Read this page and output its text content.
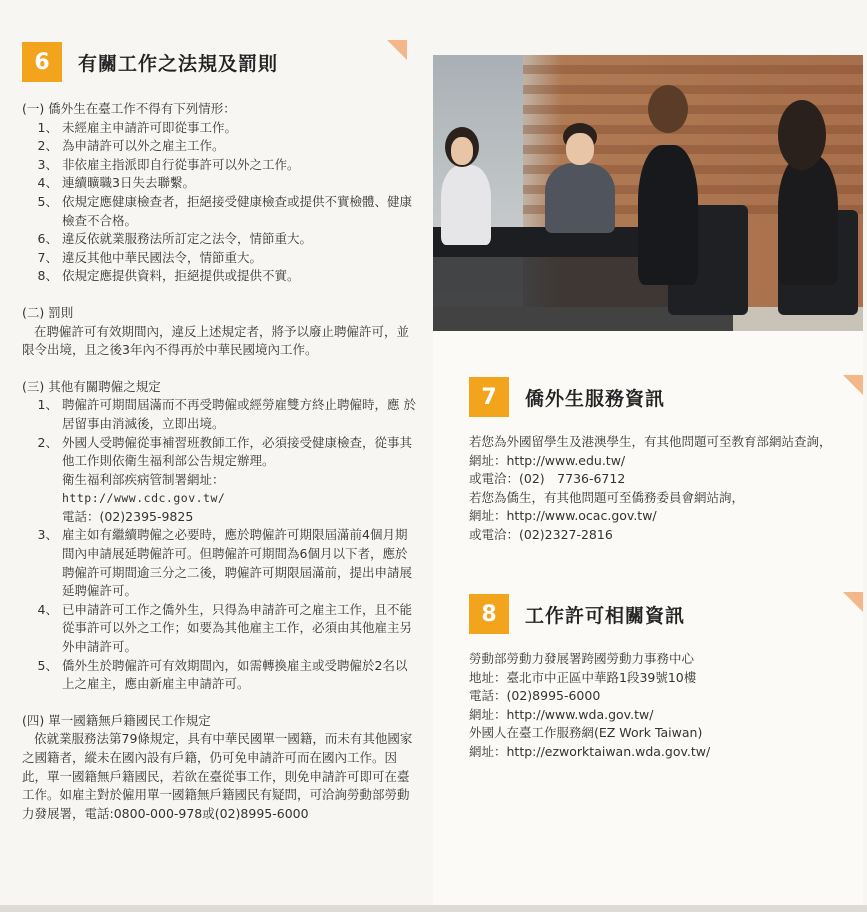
6	有關工作之法規及罰則
(一) 僑外生在臺工作不得有下列情形：
1、 未經雇主申請許可即從事工作。
2、 為申請許可以外之雇主工作。
3、 非依雇主指派即自行從事許可以外之工作。
4、 連續曠職3日失去聯繫。
5、 依規定應健康檢查者，拒絕接受健康檢查或提供不實檢體、健康檢查不合格。
6、 違反依就業服務法所訂定之法令，情節重大。
7、 違反其他中華民國法令，情節重大。
8、 依規定應提供資料，拒絕提供或提供不實。
(二) 罰則
在聘僱許可有效期間內，違反上述規定者，將予以廢止聘僱許可，並限令出境，且之後3年內不得再於中華民國境內工作。
(三) 其他有關聘僱之規定
1、 聘僱許可期間屆滿而不再受聘僱或經勞雇雙方終止聘僱時，應 於居留事由消滅後，立即出境。
2、 外國人受聘僱從事補習班教師工作，必須接受健康檢查，從事其他工作則依衛生福利部公告規定辦理。
衛生福利部疾病管制署網址：
http://www.cdc.gov.tw/
電話：(02)2395-9825
3、 雇主如有繼續聘僱之必要時，應於聘僱許可期限屆滿前4個月期間內申請展延聘僱許可。但聘僱許可期間為6個月以下者，應於聘僱許可期間逾三分之二後，聘僱許可期限屆滿前，提出申請展延聘僱許可。
4、 已申請許可工作之僑外生，只得為申請許可之雇主工作，且不能從事許可以外之工作；如要為其他雇主工作，必須由其他雇主另外申請許可。
5、 僑外生於聘僱許可有效期間內，如需轉換雇主或受聘僱於2名以上之雇主，應由新雇主申請許可。
(四) 單一國籍無戶籍國民工作規定
依就業服務法第79條規定，具有中華民國單一國籍，而未有其他國家之國籍者，縱未在國內設有戶籍，仍可免申請許可而在國內工作。因此，單一國籍無戶籍國民，若欲在臺從事工作，則免申請許可即可在臺工作。如雇主對於僱用單一國籍無戶籍國民有疑問，可洽詢勞動部勞動力發展署，電話:0800-000-978或(02)8995-6000
7	僑外生服務資訊
若您為外國留學生及港澳學生，有其他問題可至教育部網站查詢，網址：http://www.edu.tw/
或電洽：(02)　7736-6712
若您為僑生，有其他問題可至僑務委員會網站詢，
網址：http://www.ocac.gov.tw/
或電洽：(02)2327-2816
8	工作許可相關資訊
勞動部勞動力發展署跨國勞動力事務中心
地址：臺北市中正區中華路1段39號10樓
電話：(02)8995-6000
網址：http://www.wda.gov.tw/
外國人在臺工作服務網(EZ Work Taiwan)
網址：http://ezworktaiwan.wda.gov.tw/
